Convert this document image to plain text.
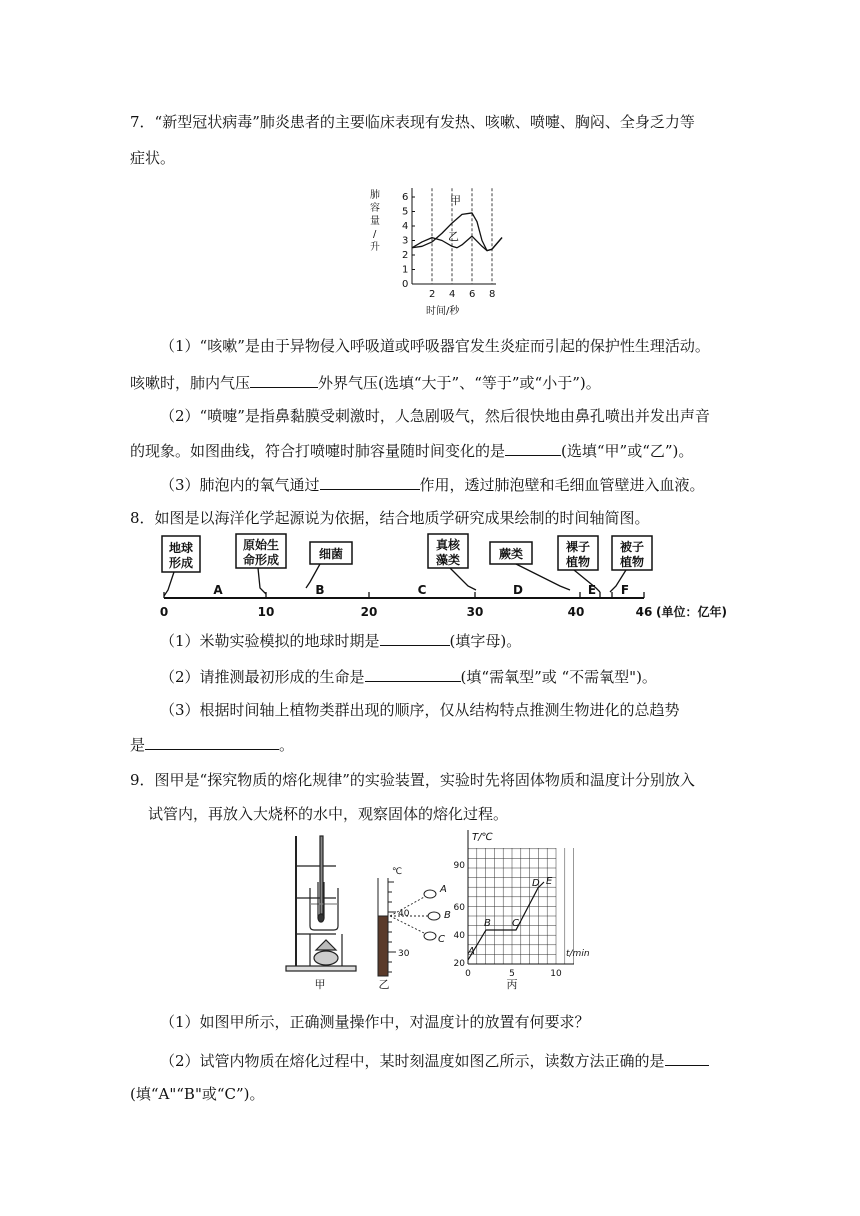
7．“新型冠状病毒”肺炎患者的主要临床表现有发热、咳嗽、喷嚏、胸闷、全身乏力等
症状。
肺
容
量
/
升
0
1
2
3
4
5
6
2 4 6 8
甲
乙
时间/秒
（1）“咳嗽”是由于异物侵入呼吸道或呼吸器官发生炎症而引起的保护性生理活动。
咳嗽时，肺内气压	外界气压(选填“大于”、“等于”或“小于”)。
（2）“喷嚏”是指鼻黏膜受刺激时，人急剧吸气，然后很快地由鼻孔喷出并发出声音
的现象。如图曲线，符合打喷嚏时肺容量随时间变化的是	(选填“甲”或“乙”)。
（3）肺泡内的氧气通过	作用，透过肺泡壁和毛细血管壁进入血液。
8．如图是以海洋化学起源说为依据，结合地质学研究成果绘制的时间轴简图。
地球
形成
原始生
命形成	细菌
真核
藻类	蕨类	裸子
植物
被子
植物
A	B	C	D	E F
0	10	20	30	40	46 (单位：亿年)
（1）米勒实验模拟的地球时期是	(填字母)。
（2）请推测最初形成的生命是	(填“需氧型”或 “不需氧型")。
（3）根据时间轴上植物类群出现的顺序，仅从结构特点推测生物进化的总趋势
是	。
9．图甲是“探究物质的熔化规律”的实验装置，实验时先将固体物质和温度计分别放入
试管内，再放入大烧杯的水中，观察固体的熔化过程。
甲
℃
40
30
A
B
C
乙
T/℃
t/min
20
40
60
90
0	5	10
A
B C
D E
丙
（1）如图甲所示，正确测量操作中，对温度计的放置有何要求？
（2）试管内物质在熔化过程中，某时刻温度如图乙所示，读数方法正确的是
(填“A"“B"或“C”)。
